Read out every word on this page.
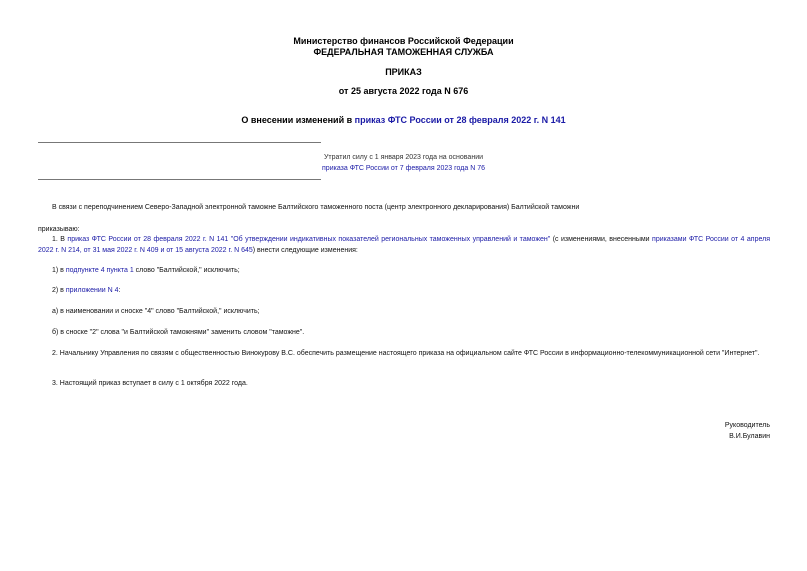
Министерство финансов Российской Федерации
ФЕДЕРАЛЬНАЯ ТАМОЖЕННАЯ СЛУЖБА
ПРИКАЗ
от 25 августа 2022 года N 676
О внесении изменений в приказ ФТС России от 28 февраля 2022 г. N 141
Утратил силу с 1 января 2023 года на основании
приказа ФТС России от 7 февраля 2023 года N 76
В связи с переподчинением Северо-Западной электронной таможне Балтийского таможенного поста (центр электронного декларирования) Балтийской таможни
приказываю:
1. В приказ ФТС России от 28 февраля 2022 г. N 141 "Об утверждении индикативных показателей региональных таможенных управлений и таможен" (с изменениями, внесенными приказами ФТС России от 4 апреля 2022 г. N 214, от 31 мая 2022 г. N 409 и от 15 августа 2022 г. N 645) внести следующие изменения:
1) в подпункте 4 пункта 1 слово "Балтийской," исключить;
2) в приложении N 4:
а) в наименовании и сноске "4" слово "Балтийской," исключить;
б) в сноске "2" слова "и Балтийской таможнями" заменить словом "таможне".
2. Начальнику Управления по связям с общественностью Винокурову В.С. обеспечить размещение настоящего приказа на официальном сайте ФТС России в информационно-телекоммуникационной сети "Интернет".
3. Настоящий приказ вступает в силу с 1 октября 2022 года.
Руководитель
В.И.Булавин
